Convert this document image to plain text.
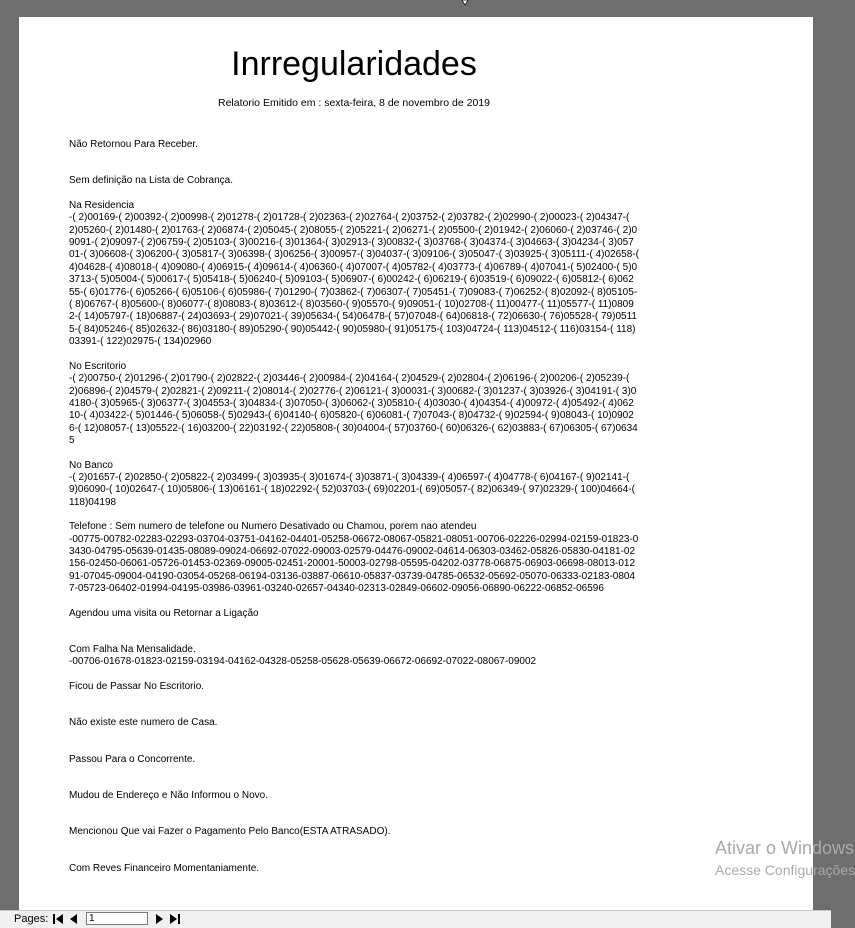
Inrregularidades
Relatorio Emitido em : sexta-feira, 8 de novembro de 2019
Não Retornou Para Receber.
Sem definição na Lista de Cobrança.
Na Residencia
-( 2)00169-( 2)00392-( 2)00998-( 2)01278-( 2)01728-( 2)02363-( 2)02764-( 2)03752-( 2)03782-( 2)02990-( 2)00023-( 2)04347-( 2)05260-( 2)01480-( 2)01763-( 2)06874-( 2)05045-( 2)08055-( 2)05221-( 2)06271-( 2)05500-( 2)01942-( 2)06060-( 2)03746-( 2)09091-( 2)09097-( 2)06759-( 2)05103-( 3)00216-( 3)01364-( 3)02913-( 3)00832-( 3)03768-( 3)04374-( 3)04663-( 3)04234-( 3)05701-( 3)06608-( 3)06200-( 3)05817-( 3)06398-( 3)06256-( 3)00957-( 3)04037-( 3)09106-( 3)05047-( 3)03925-( 3)05111-( 4)02658-( 4)04628-( 4)08018-( 4)09080-( 4)06915-( 4)09614-( 4)06360-( 4)07007-( 4)05782-( 4)03773-( 4)06789-( 4)07041-( 5)02400-( 5)03713-( 5)05004-( 5)00617-( 5)05418-( 5)06240-( 5)09103-( 5)06907-( 6)00242-( 6)06219-( 6)03519-( 6)09022-( 6)05812-( 6)06255-( 6)01776-( 6)05266-( 6)05106-( 6)05986-( 7)01290-( 7)03862-( 7)06307-( 7)05451-( 7)09083-( 7)06252-( 8)02092-( 8)05105-( 8)06767-( 8)05600-( 8)06077-( 8)08083-( 8)03612-( 8)03560-( 9)05570-( 9)09051-( 10)02708-( 11)00477-( 11)05577-( 11)08092-( 14)05797-( 18)06887-( 24)03693-( 29)07021-( 39)05634-( 54)06478-( 57)07048-( 64)06818-( 72)06630-( 76)05528-( 79)05115-( 84)05246-( 85)02632-( 86)03180-( 89)05290-( 90)05442-( 90)05980-( 91)05175-( 103)04724-( 113)04512-( 116)03154-( 118)03391-( 122)02975-( 134)02960
No Escritorio
-( 2)00750-( 2)01296-( 2)01790-( 2)02822-( 2)03446-( 2)00984-( 2)04164-( 2)04529-( 2)02804-( 2)06196-( 2)00206-( 2)05239-( 2)06896-( 2)04579-( 2)02821-( 2)09211-( 2)08014-( 2)02776-( 2)06121-( 3)00031-( 3)00682-( 3)01237-( 3)03926-( 3)04191-( 3)04180-( 3)05965-( 3)06377-( 3)04553-( 3)04834-( 3)07050-( 3)06062-( 3)05810-( 4)03030-( 4)04354-( 4)00972-( 4)05492-( 4)06210-( 4)03422-( 5)01446-( 5)06058-( 5)02943-( 6)04140-( 6)05820-( 6)06081-( 7)07043-( 8)04732-( 9)02594-( 9)08043-( 10)09026-( 12)08057-( 13)05522-( 16)03200-( 22)03192-( 22)05808-( 30)04004-( 57)03760-( 60)06326-( 62)03883-( 67)06305-( 67)06345
No Banco
-( 2)01657-( 2)02850-( 2)05822-( 2)03499-( 3)03935-( 3)01674-( 3)03871-( 3)04339-( 4)06597-( 4)04778-( 6)04167-( 9)02141-( 9)06090-( 10)02647-( 10)05806-( 13)06161-( 18)02292-( 52)03703-( 69)02201-( 69)05057-( 82)06349-( 97)02329-( 100)04664-( 118)04198
Telefone : Sem numero de telefone ou Numero Desativado ou Chamou, porem nao atendeu
-00775-00782-02283-02293-03704-03751-04162-04401-05258-06672-08067-05821-08051-00706-02226-02994-02159-01823-03430-04795-05639-01435-08089-09024-06692-07022-09003-02579-04476-09002-04614-06303-03462-05826-05830-04181-02156-02450-06061-05726-01453-02369-09005-02451-20001-50003-02798-05595-04202-03778-06875-06903-06698-08013-01291-07045-09004-04190-03054-05268-06194-03136-03887-06610-05837-03739-04785-06532-05692-05070-06333-02183-08047-05723-06402-01994-04195-03986-03961-03240-02657-04340-02313-02849-06602-09056-06890-06222-06852-06596
Agendou uma visita ou Retornar a Ligação
Com Falha Na Mensalidade.
-00706-01678-01823-02159-03194-04162-04328-05258-05628-05639-06672-06692-07022-08067-09002
Ficou de Passar No Escritorio.
Não existe este numero de Casa.
Passou Para o Concorrente.
Mudou de Endereço e Não Informou o Novo.
Mencionou Que vai Fazer o Pagamento Pelo Banco(ESTA ATRASADO).
Com Reves Financeiro Momentaniamente.
Ativar o Windows
Acesse Configurações
Pages:
1
